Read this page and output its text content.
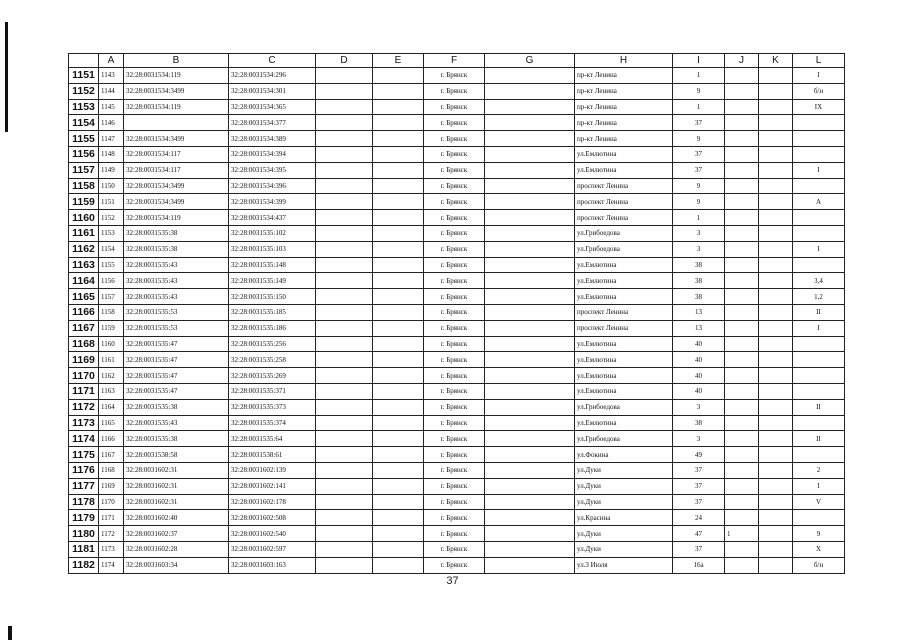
	A	B	C	D	E	F	G	H	I	J	K	L
1151	1143	32:28:0031534:119	32:28:0031534:296			г. Брянск		пр-кт Ленина	1			I
1152	1144	32:28:0031534:3499	32:28:0031534:301			г. Брянск		пр-кт Ленина	9			б/н
1153	1145	32:28:0031534:119	32:28:0031534:365			г. Брянск		пр-кт Ленина	1			IX
1154	1146		32:28:0031534:377			г. Брянск		пр-кт Ленина	37			
1155	1147	32:28:0031534:3499	32:28:0031534:389			г. Брянск		пр-кт Ленина	9			
1156	1148	32:28:0031534:117	32:28:0031534:394			г. Брянск		ул.Емлютина	37			
1157	1149	32:28:0031534:117	32:28:0031534:395			г. Брянск		ул.Емлютина	37			I
1158	1150	32:28:0031534:3499	32:28:0031534:396			г. Брянск		проспект Ленина	9			
1159	1151	32:28:0031534:3499	32:28:0031534:399			г. Брянск		проспект Ленина	9			А
1160	1152	32:28:0031534:119	32:28:0031534:437			г. Брянск		проспект Ленина	1			
1161	1153	32:28:0031535:38	32:28:0031535:102			г. Брянск		ул.Грибоедова	3			
1162	1154	32:28:0031535:38	32:28:0031535:103			г. Брянск		ул.Грибоедова	3			I
1163	1155	32:28:0031535:43	32:28:0031535:148			г. Брянск		ул.Емлютина	38			
1164	1156	32:28:0031535:43	32:28:0031535:149			г. Брянск		ул.Емлютина	38			3,4
1165	1157	32:28:0031535:43	32:28:0031535:150			г. Брянск		ул.Емлютина	38			1,2
1166	1158	32:28:0031535:53	32:28:0031535:185			г. Брянск		проспект Ленина	13			II
1167	1159	32:28:0031535:53	32:28:0031535:186			г. Брянск		проспект Ленина	13			I
1168	1160	32:28:0031535:47	32:28:0031535:256			г. Брянск		ул.Емлютина	40			
1169	1161	32:28:0031535:47	32:28:0031535:258			г. Брянск		ул.Емлютина	40			
1170	1162	32:28:0031535:47	32:28:0031535:269			г. Брянск		ул.Емлютина	40			
1171	1163	32:28:0031535:47	32:28:0031535:371			г. Брянск		ул.Емлютина	40			
1172	1164	32:28:0031535:38	32:28:0031535:373			г. Брянск		ул.Грибоедова	3			II
1173	1165	32:28:0031535:43	32:28:0031535:374			г. Брянск		ул.Емлютина	38			
1174	1166	32:28:0031535:38	32:28:0031535:64			г. Брянск		ул.Грибоедова	3			II
1175	1167	32:28:0031538:58	32:28:0031538:61			г. Брянск		ул.Фокина	49			
1176	1168	32:28:0031602:31	32:28:0031602:139			г. Брянск		ул.Дуки	37			2
1177	1169	32:28:0031602:31	32:28:0031602:141			г. Брянск		ул.Дуки	37			I
1178	1170	32:28:0031602:31	32:28:0031602:178			г. Брянск		ул.Дуки	37			V
1179	1171	32:28:0031602:40	32:28:0031602:508			г. Брянск		ул.Красина	24			
1180	1172	32:28:0031602:37	32:28:0031602:540			г. Брянск		ул.Дуки	47	1		9
1181	1173	32:28:0031602:28	32:28:0031602:597			г. Брянск		ул.Дуки	37			X
1182	1174	32:28:0031603:34	32:28:0031603:163			г. Брянск		ул.3 Июля	16а			б/н
37
